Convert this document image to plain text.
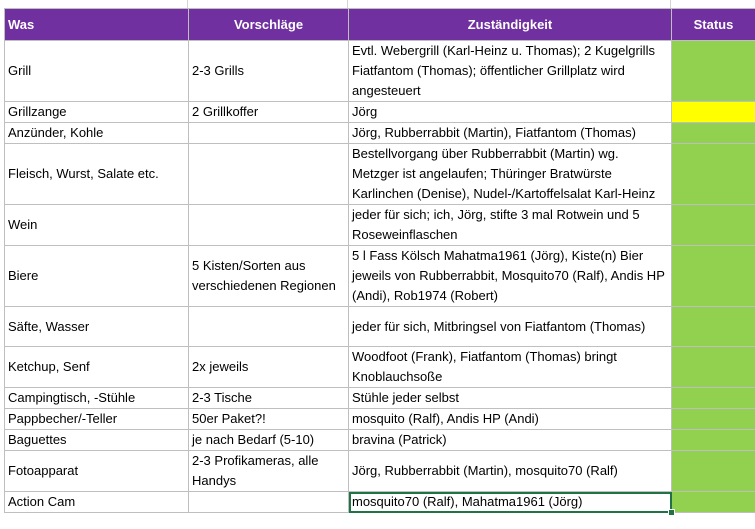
Was	Vorschläge	Zuständigkeit	Status
Grill	2-3 Grills	Evtl. Webergrill (Karl-Heinz u. Thomas); 2 Kugelgrills Fiatfantom (Thomas); öffentlicher Grillplatz wird angesteuert	
Grillzange	2 Grillkoffer	Jörg	
Anzünder, Kohle		Jörg, Rubberrabbit (Martin), Fiatfantom (Thomas)	
Fleisch, Wurst, Salate etc.		Bestellvorgang über Rubberrabbit (Martin) wg. Metzger ist angelaufen; Thüringer Bratwürste Karlinchen (Denise), Nudel-/Kartoffelsalat Karl-Heinz	
Wein		jeder für sich; ich, Jörg, stifte 3 mal Rotwein und 5 Roseweinflaschen	
Biere	5 Kisten/Sorten aus verschiedenen Regionen	5 l Fass Kölsch Mahatma1961 (Jörg), Kiste(n) Bier jeweils von Rubberrabbit, Mosquito70 (Ralf), Andis HP (Andi), Rob1974 (Robert)	
Säfte, Wasser		jeder für sich, Mitbringsel von Fiatfantom (Thomas)	
Ketchup, Senf	2x jeweils	Woodfoot (Frank), Fiatfantom (Thomas) bringt Knoblauchsoße	
Campingtisch, -Stühle	2-3 Tische	Stühle jeder selbst	
Pappbecher/-Teller	50er Paket?!	mosquito (Ralf), Andis HP (Andi)	
Baguettes	je nach Bedarf (5-10)	bravina (Patrick)	
Fotoapparat	2-3 Profikameras, alle Handys	Jörg, Rubberrabbit (Martin), mosquito70 (Ralf)	
Action Cam		mosquito70 (Ralf), Mahatma1961 (Jörg)	
